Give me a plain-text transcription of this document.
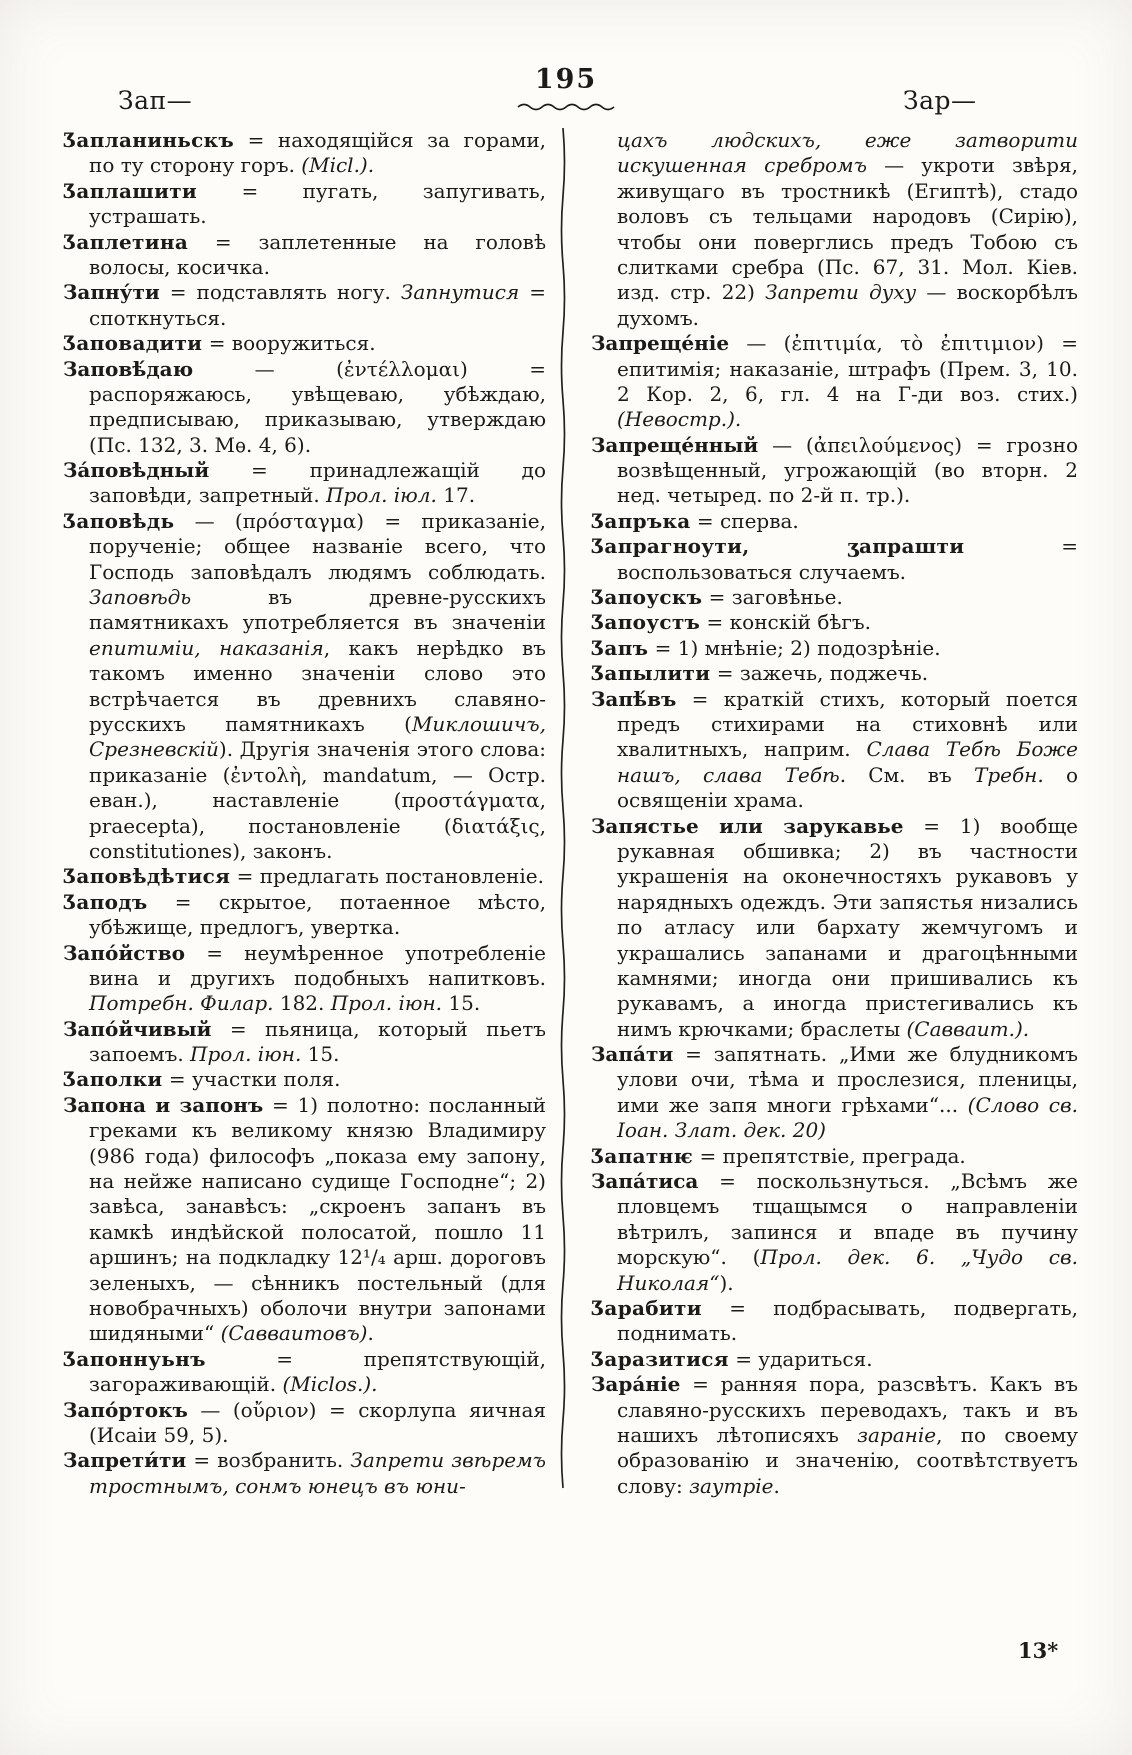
195
Зап—	Зар—

Ӡапланиньскъ = находящійся за горами, по ту сторону горъ. (Micl.).

Ӡаплашити = пугать, запугивать, устрашать.

Ӡаплетина = заплетенные на головѣ волосы, косичка.

Запну́ти = подставлять ногу. Запнутися = споткнуться.

Ӡаповадити = вооружиться.

Заповѣ́даю	— (ἐντέλλομαι) = распоряжаюсь, увѣщеваю, убѣждаю, предписываю, приказываю, утверждаю (Пс. 132, 3. Мѳ. 4, 6).

За́повѣдный = принадлежащій до заповѣди, запретный. Прол. іюл. 17.

Ӡаповѣдь — (πρόσταγμα) = приказаніе, порученіе; общее названіе всего, что Господь заповѣдалъ людямъ соблюдать. Заповѣдь въ древне-русскихъ памятникахъ употребляется въ значеніи епитиміи, наказанія, какъ нерѣдко въ такомъ именно значеніи слово это встрѣчается въ древнихъ славяно-русскихъ памятникахъ (Миклошичъ, Срезневскій). Другія значенія этого слова: приказаніе (ἐντολὴ, mandatum, — Остр. еван.), наставленіе (προστάγματα, praecepta), постановленіе (διατάξις, constitutiones), законъ.

Ӡаповѣдѣтися = предлагать постановленіе.

Ӡаподъ = скрытое, потаенное мѣсто, убѣжище, предлогъ, увертка.

Запо́йство = неумѣренное употребленіе вина и другихъ подобныхъ напитковъ. Потребн. Филар. 182. Прол. іюн. 15.

Запо́йчивый = пьяница, который пьетъ запоемъ. Прол. іюн. 15.

Ӡаполки = участки поля.

Запона и запонъ = 1) полотно: посланный греками къ великому князю Владимиру (986 года) философъ „показа ему запону, на нейже написано судище Господне“; 2) завѣса, занавѣсъ: „скроенъ запанъ въ камкѣ индѣйской полосатой, пошло 11 аршинъ; на подкладку 12¹/₄ арш. дороговъ зеленыхъ, — сѣнникъ постельный (для новобрачныхъ) оболочи внутри запонами шидяными“ (Савваитовъ).

Ӡапоннуьнъ	= препятствующій, загораживающій. (Miclos.).

Запо́ртокъ — (οὔριον) = скорлупа яичная (Исаіи 59, 5).

Запрети́ти = возбранить. Запрети звѣремъ тростнымъ, сонмъ юнецъ въ юни-

цахъ людскихъ, еже затворити искушенная сребромъ — укроти звѣря, живущаго въ тростникѣ (Египтѣ), стадо воловъ съ тельцами народовъ (Сирію), чтобы они поверглись предъ Тобою съ слитками сребра (Пс. 67, 31. Мол. Кіев. изд. стр. 22) Запрети духу — воскорбѣлъ духомъ.

Запреще́ніе — (ἐπιτιμία, τὸ ἐπιτιμιον) = епитимія; наказаніе, штрафъ (Прем. 3, 10. 2 Кор. 2, 6, гл. 4 на Г-ди воз. стих.) (Невостр.).

Запреще́нный — (ἀπειλούμενος) = грозно возвѣщенный, угрожающій (во вторн. 2 нед. четыред. по 2-й п. тр.).

Ӡапръка = сперва.

Ӡапрагноути, ӡапрашти	= воспользоваться случаемъ.

Ӡапоускъ = заговѣнье.

Ӡапоустъ = конскій бѣгъ.

Ӡапъ = 1) мнѣніе; 2) подозрѣніе.

Ӡапылити = зажечь, поджечь.

Запѣ́въ = краткій стихъ, который поется предъ стихирами на стиховнѣ или хвалитныхъ, наприм. Слава Тебѣ Боже нашъ, слава Тебѣ. См. въ Требн. о освященіи храма.

Запястье или зарукавье = 1) вообще рукавная обшивка; 2) въ частности украшенія на оконечностяхъ рукавовъ у нарядныхъ одеждъ. Эти запястья низались по атласу или бархату жемчугомъ и украшались запанами и драгоцѣнными камнями; иногда они пришивались къ рукавамъ, а иногда пристегивались къ нимъ крючками; браслеты (Савваит.).

Запа́ти = запятнать. „Ими же блудникомъ улови очи, тѣма и прослезися, пленицы, ими же запя многи грѣхами“... (Слово св. Іоан. Злат. дек. 20)

Ӡапатнѥ = препятствіе, преграда.

Запа́тиса = поскользнуться. „Всѣмъ же пловцемъ тщащымся о направленіи вѣтрилъ, запинся и впаде въ пучину морскую“. (Прол. дек. 6. „Чудо св. Николая“).

Ӡарабити = подбрасывать, подвергать, поднимать.

Ӡаразитися = удариться.

Зара́ніе = ранняя пора, разсвѣтъ. Какъ въ славяно-русскихъ переводахъ, такъ и въ нашихъ лѣтописяхъ зараніе, по своему образованію и значенію, соотвѣтствуетъ слову: заутріе.

13*
